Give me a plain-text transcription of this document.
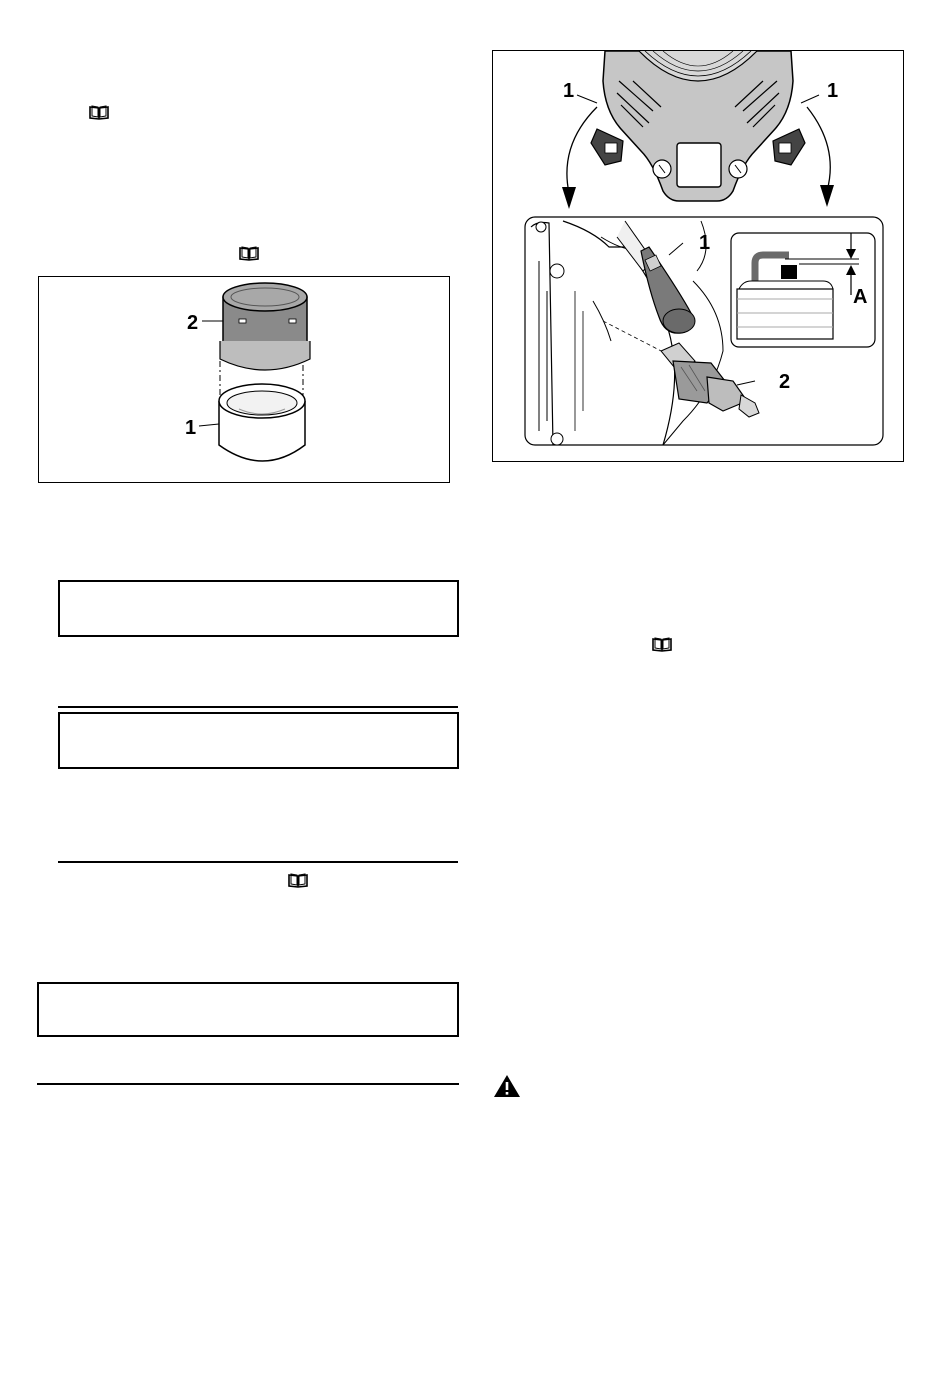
2
1
1	1
1
2
A
